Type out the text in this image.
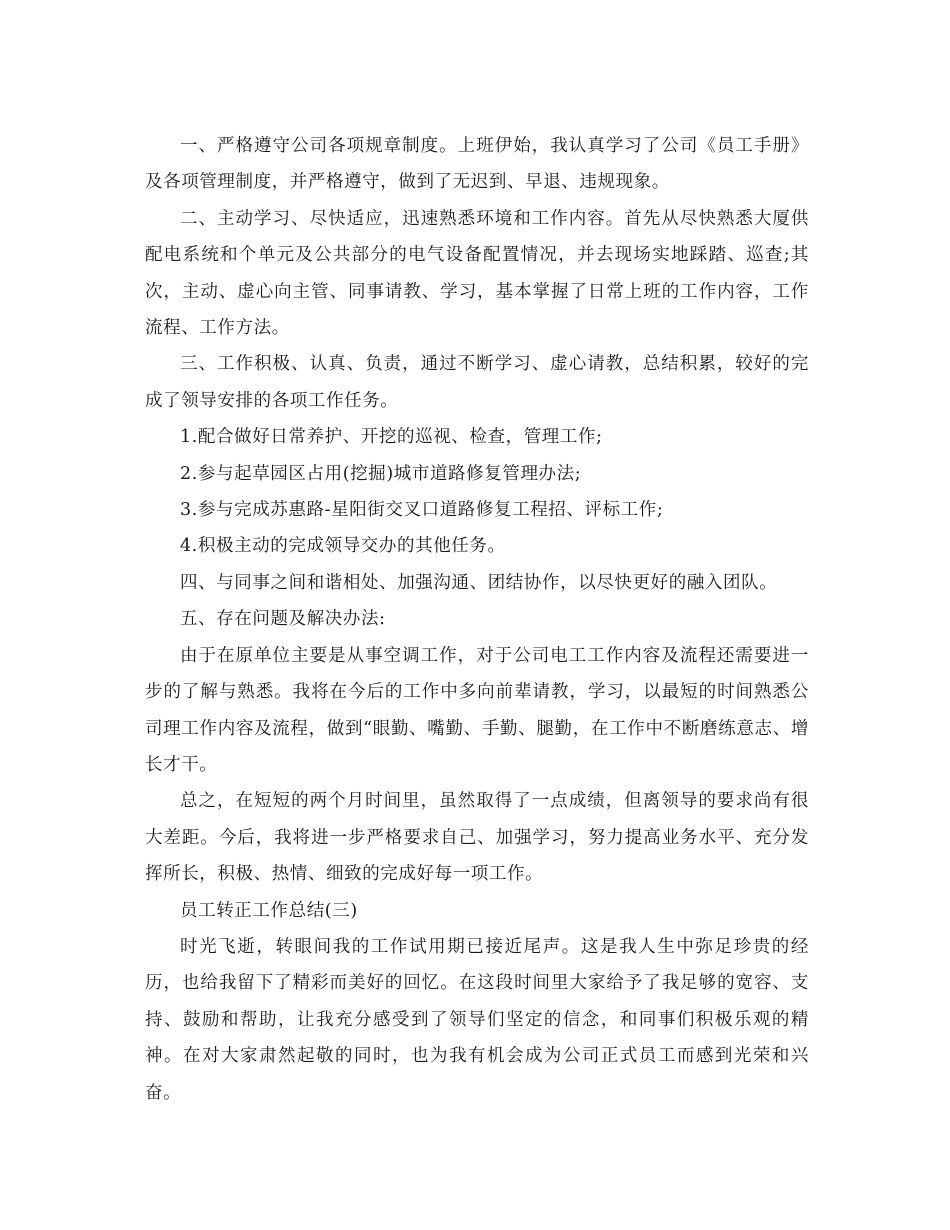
一、严格遵守公司各项规章制度。上班伊始，我认真学习了公司《员工手册》及各项管理制度，并严格遵守，做到了无迟到、早退、违规现象。

二、主动学习、尽快适应，迅速熟悉环境和工作内容。首先从尽快熟悉大厦供配电系统和个单元及公共部分的电气设备配置情况，并去现场实地踩踏、巡查;其次，主动、虚心向主管、同事请教、学习，基本掌握了日常上班的工作内容，工作流程、工作方法。

三、工作积极、认真、负责，通过不断学习、虚心请教，总结积累，较好的完成了领导安排的各项工作任务。

1.配合做好日常养护、开挖的巡视、检查，管理工作;

2.参与起草园区占用(挖掘)城市道路修复管理办法;

3.参与完成苏惠路-星阳街交叉口道路修复工程招、评标工作;

4.积极主动的完成领导交办的其他任务。

四、与同事之间和谐相处、加强沟通、团结协作，以尽快更好的融入团队。

五、存在问题及解决办法:

由于在原单位主要是从事空调工作，对于公司电工工作内容及流程还需要进一步的了解与熟悉。我将在今后的工作中多向前辈请教，学习，以最短的时间熟悉公司理工作内容及流程，做到“眼勤、嘴勤、手勤、腿勤，在工作中不断磨练意志、增长才干。

总之，在短短的两个月时间里，虽然取得了一点成绩，但离领导的要求尚有很大差距。今后，我将进一步严格要求自己、加强学习，努力提高业务水平、充分发挥所长，积极、热情、细致的完成好每一项工作。

员工转正工作总结(三)

时光飞逝，转眼间我的工作试用期已接近尾声。这是我人生中弥足珍贵的经历，也给我留下了精彩而美好的回忆。在这段时间里大家给予了我足够的宽容、支持、鼓励和帮助，让我充分感受到了领导们坚定的信念，和同事们积极乐观的精神。在对大家肃然起敬的同时，也为我有机会成为公司正式员工而感到光荣和兴奋。
